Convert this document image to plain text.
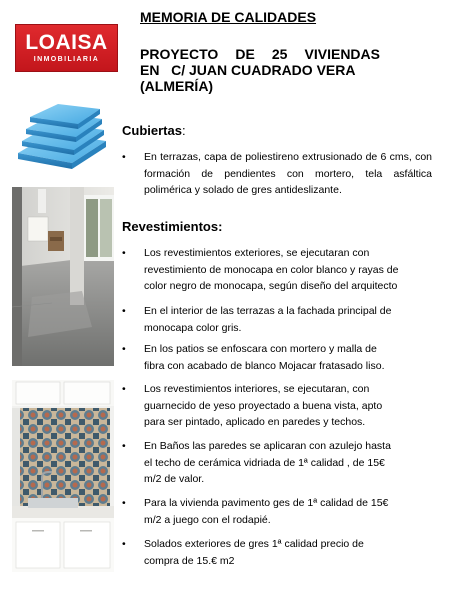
LOAISA
INMOBILIARIA
MEMORIA DE CALIDADES
PROYECTO DE 25 VIVIENDAS
EN   C/ JUAN CUADRADO VERA
(ALMERÍA)
Cubiertas:
•	En terrazas, capa de poliestireno extrusionado de 6 cms, con formación de pendientes con mortero, tela asfáltica polimérica y solado de gres antideslizante.
Revestimientos:
•	Los revestimientos exteriores, se ejecutaran con
revestimiento de monocapa en color blanco y rayas de
color negro de monocapa, según diseño del arquitecto
•	En el interior de las terrazas a la fachada principal de
monocapa color gris.
•	En los patios se enfoscara con mortero y malla de
fibra con acabado de blanco Mojacar fratasado liso.
•	Los revestimientos interiores, se ejecutaran, con
guarnecido de yeso proyectado a buena vista, apto
para ser pintado, aplicado en paredes y techos.
•	En Baños las paredes se aplicaran con azulejo hasta
el techo de cerámica vidriada de 1ª calidad , de 15€
m/2 de valor.
•	Para la vivienda pavimento ges de 1ª calidad de 15€
m/2 a juego con el rodapié.
•	Solados exteriores de gres 1ª calidad precio de
compra de 15.€ m2
